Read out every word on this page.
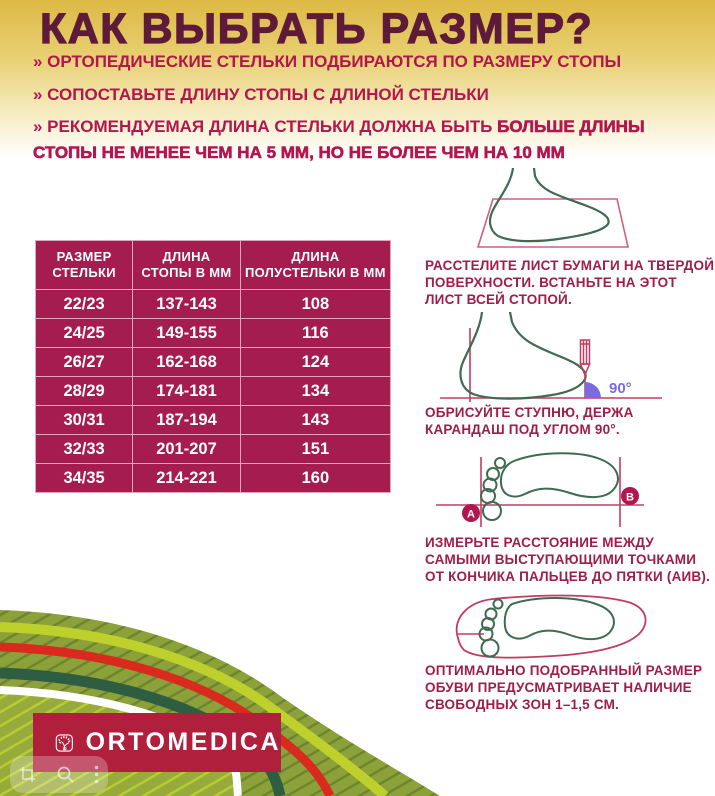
КАК ВЫБРАТЬ РАЗМЕР?
» ОРТОПЕДИЧЕСКИЕ СТЕЛЬКИ ПОДБИРАЮТСЯ ПО РАЗМЕРУ СТОПЫ
» СОПОСТАВЬТЕ ДЛИНУ СТОПЫ С ДЛИНОЙ СТЕЛЬКИ
» РЕКОМЕНДУЕМАЯ ДЛИНА СТЕЛЬКИ ДОЛЖНА БЫТЬ БОЛЬШЕ ДЛИНЫ СТОПЫ НЕ МЕНЕЕ ЧЕМ НА 5 ММ, НО НЕ БОЛЕЕ ЧЕМ НА 10 ММ
РАЗМЕР СТЕЛЬКИ	ДЛИНА СТОПЫ В ММ	ДЛИНА ПОЛУСТЕЛЬКИ В ММ
22/23	137-143	108
24/25	149-155	116
26/27	162-168	124
28/29	174-181	134
30/31	187-194	143
32/33	201-207	151
34/35	214-221	160
РАССТЕЛИТЕ ЛИСТ БУМАГИ НА ТВЕРДОЙ ПОВЕРХНОСТИ. ВСТАНЬТЕ НА ЭТОТ ЛИСТ ВСЕЙ СТОПОЙ.
90°
ОБРИСУЙТЕ СТУПНЮ, ДЕРЖА КАРАНДАШ ПОД УГЛОМ 90°.
А
В
ИЗМЕРЬТЕ РАССТОЯНИЕ МЕЖДУ САМЫМИ ВЫСТУПАЮЩИМИ ТОЧКАМИ ОТ КОНЧИКА ПАЛЬЦЕВ ДО ПЯТКИ (АИВ).
ОПТИМАЛЬНО ПОДОБРАННЫЙ РАЗМЕР ОБУВИ ПРЕДУСМАТРИВАЕТ НАЛИЧИЕ СВОБОДНЫХ ЗОН 1–1,5 СМ.
ORTOMEDICA
